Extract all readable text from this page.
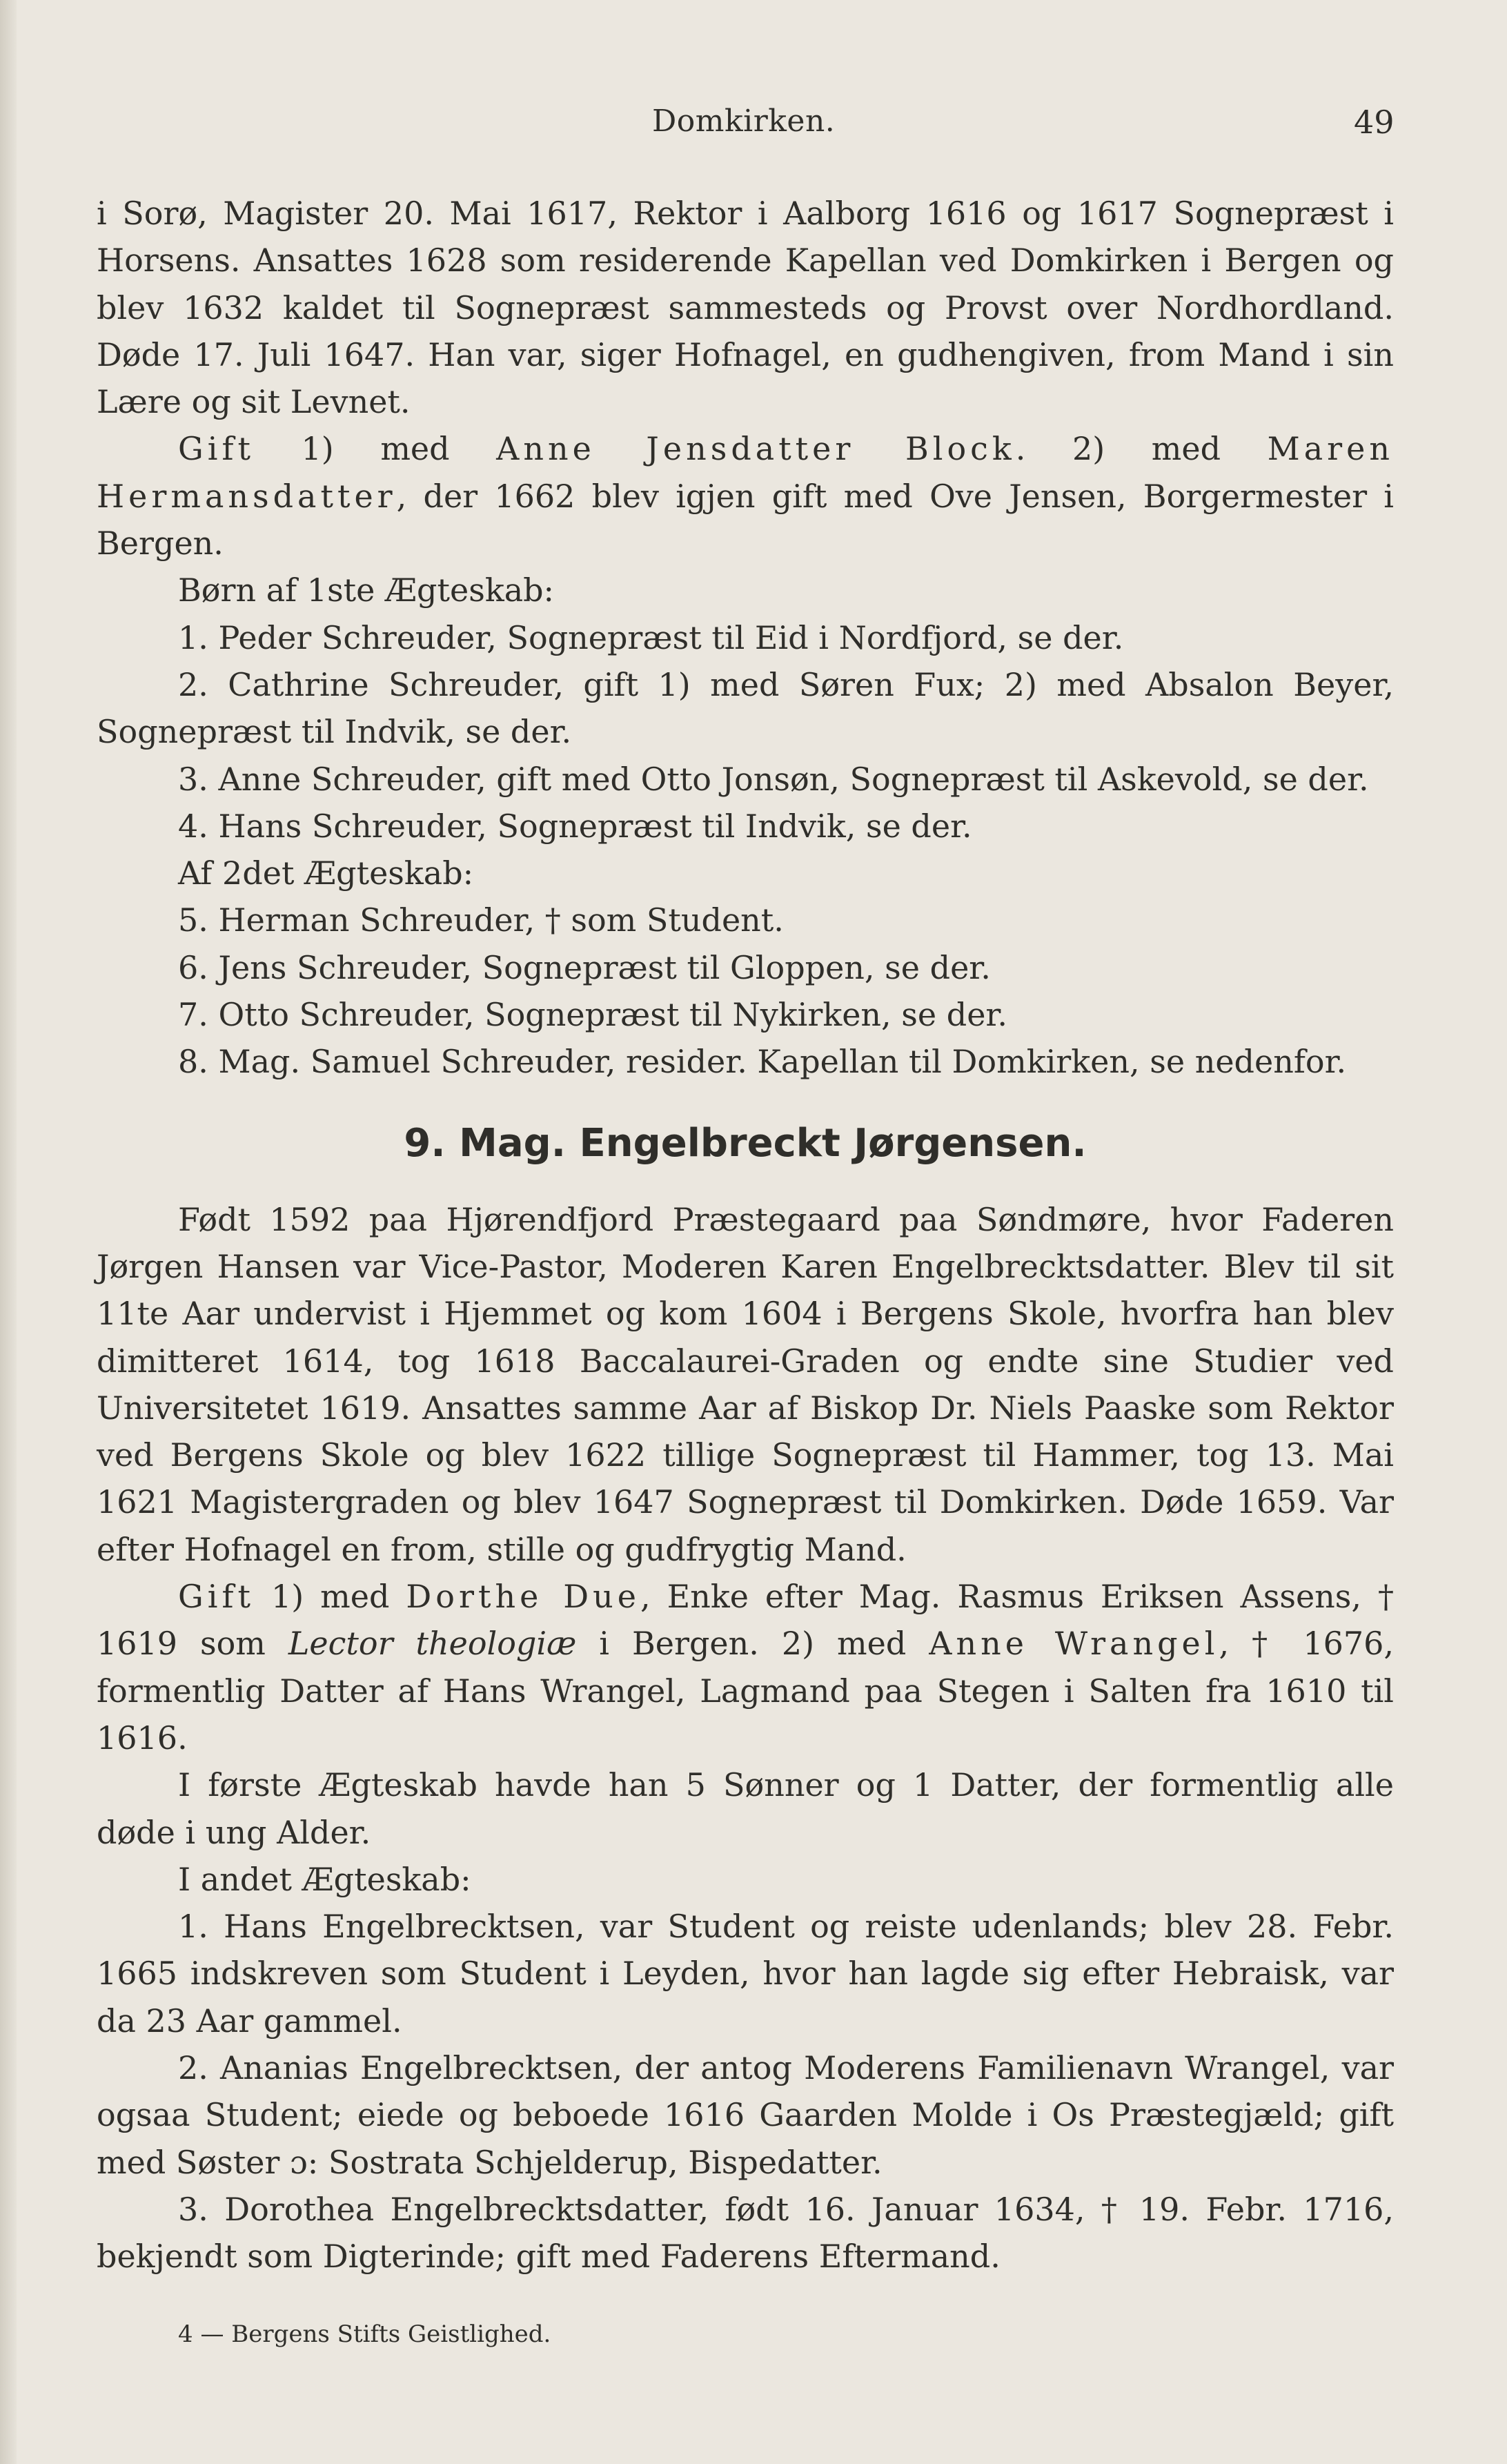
Domkirken.	49

i Sorø, Magister 20. Mai 1617, Rektor i Aalborg 1616 og 1617 Sognepræst i Horsens. Ansattes 1628 som residerende Kapellan ved Domkirken i Bergen og blev 1632 kaldet til Sognepræst sammesteds og Provst over Nordhordland. Døde 17. Juli 1647. Han var, siger Hofnagel, en gudhengiven, from Mand i sin Lære og sit Levnet.

Gift 1) med Anne Jensdatter Block. 2) med Maren Hermansdatter, der 1662 blev igjen gift med Ove Jensen, Borgermester i Bergen.

Børn af 1ste Ægteskab:

1. Peder Schreuder, Sognepræst til Eid i Nordfjord, se der.

2. Cathrine Schreuder, gift 1) med Søren Fux; 2) med Absalon Beyer, Sognepræst til Indvik, se der.

3. Anne Schreuder, gift med Otto Jonsøn, Sognepræst til Askevold, se der.

4. Hans Schreuder, Sognepræst til Indvik, se der.

Af 2det Ægteskab:

5. Herman Schreuder, † som Student.

6. Jens Schreuder, Sognepræst til Gloppen, se der.

7. Otto Schreuder, Sognepræst til Nykirken, se der.

8. Mag. Samuel Schreuder, resider. Kapellan til Domkirken, se nedenfor.

9. Mag. Engelbreckt Jørgensen.

Født 1592 paa Hjørendfjord Præstegaard paa Søndmøre, hvor Faderen Jørgen Hansen var Vice-Pastor, Moderen Karen Engelbrecktsdatter. Blev til sit 11te Aar undervist i Hjemmet og kom 1604 i Bergens Skole, hvorfra han blev dimitteret 1614, tog 1618 Baccalaurei-Graden og endte sine Studier ved Universitetet 1619. Ansattes samme Aar af Biskop Dr. Niels Paaske som Rektor ved Bergens Skole og blev 1622 tillige Sognepræst til Hammer, tog 13. Mai 1621 Magistergraden og blev 1647 Sognepræst til Domkirken. Døde 1659. Var efter Hofnagel en from, stille og gudfrygtig Mand.

Gift 1) med Dorthe Due, Enke efter Mag. Rasmus Eriksen Assens, † 1619 som Lector theologiæ i Bergen. 2) med Anne Wrangel, † 1676, formentlig Datter af Hans Wrangel, Lagmand paa Stegen i Salten fra 1610 til 1616.

I første Ægteskab havde han 5 Sønner og 1 Datter, der formentlig alle døde i ung Alder.

I andet Ægteskab:

1. Hans Engelbrecktsen, var Student og reiste udenlands; blev 28. Febr. 1665 indskreven som Student i Leyden, hvor han lagde sig efter Hebraisk, var da 23 Aar gammel.

2. Ananias Engelbrecktsen, der antog Moderens Familienavn Wrangel, var ogsaa Student; eiede og beboede 1616 Gaarden Molde i Os Præstegjæld; gift med Søster ɔ: Sostrata Schjelderup, Bispedatter.

3. Dorothea Engelbrecktsdatter, født 16. Januar 1634, † 19. Febr. 1716, bekjendt som Digterinde; gift med Faderens Eftermand.

4 — Bergens Stifts Geistlighed.
